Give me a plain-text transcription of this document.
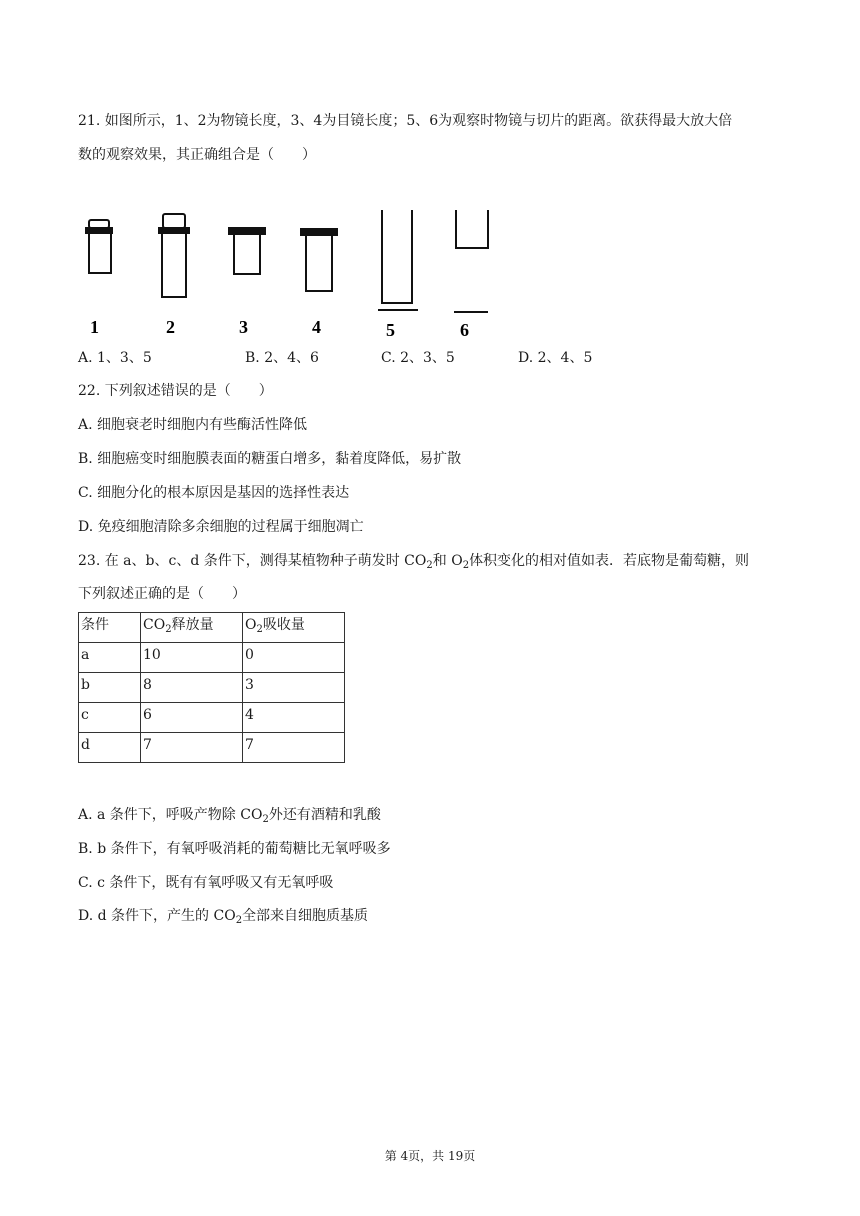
21. 如图所示，1、2为物镜长度，3、4为目镜长度；5、6为观察时物镜与切片的距离。欲获得最大放大倍
数的观察效果，其正确组合是（　　）
1	2	3	4	5	6
A. 1、3、5	B. 2、4、6	C. 2、3、5	D. 2、4、5
22. 下列叙述错误的是（　　）
A. 细胞衰老时细胞内有些酶活性降低
B. 细胞癌变时细胞膜表面的糖蛋白增多，黏着度降低，易扩散
C. 细胞分化的根本原因是基因的选择性表达
D. 免疫细胞清除多余细胞的过程属于细胞凋亡
23. 在 a、b、c、d 条件下，测得某植物种子萌发时 $CO_2$和 $O_2$体积变化的相对值如表．若底物是葡萄糖，则
下列叙述正确的是（　　）
条件	$CO_2$释放量	$O_2$吸收量
a	10	0
b	8	3
c	6	4
d	7	7
A. a 条件下，呼吸产物除 $CO_2$外还有酒精和乳酸
B. b 条件下，有氧呼吸消耗的葡萄糖比无氧呼吸多
C. c 条件下，既有有氧呼吸又有无氧呼吸
D. d 条件下，产生的 $CO_2$全部来自细胞质基质
第 4页，共 19页
